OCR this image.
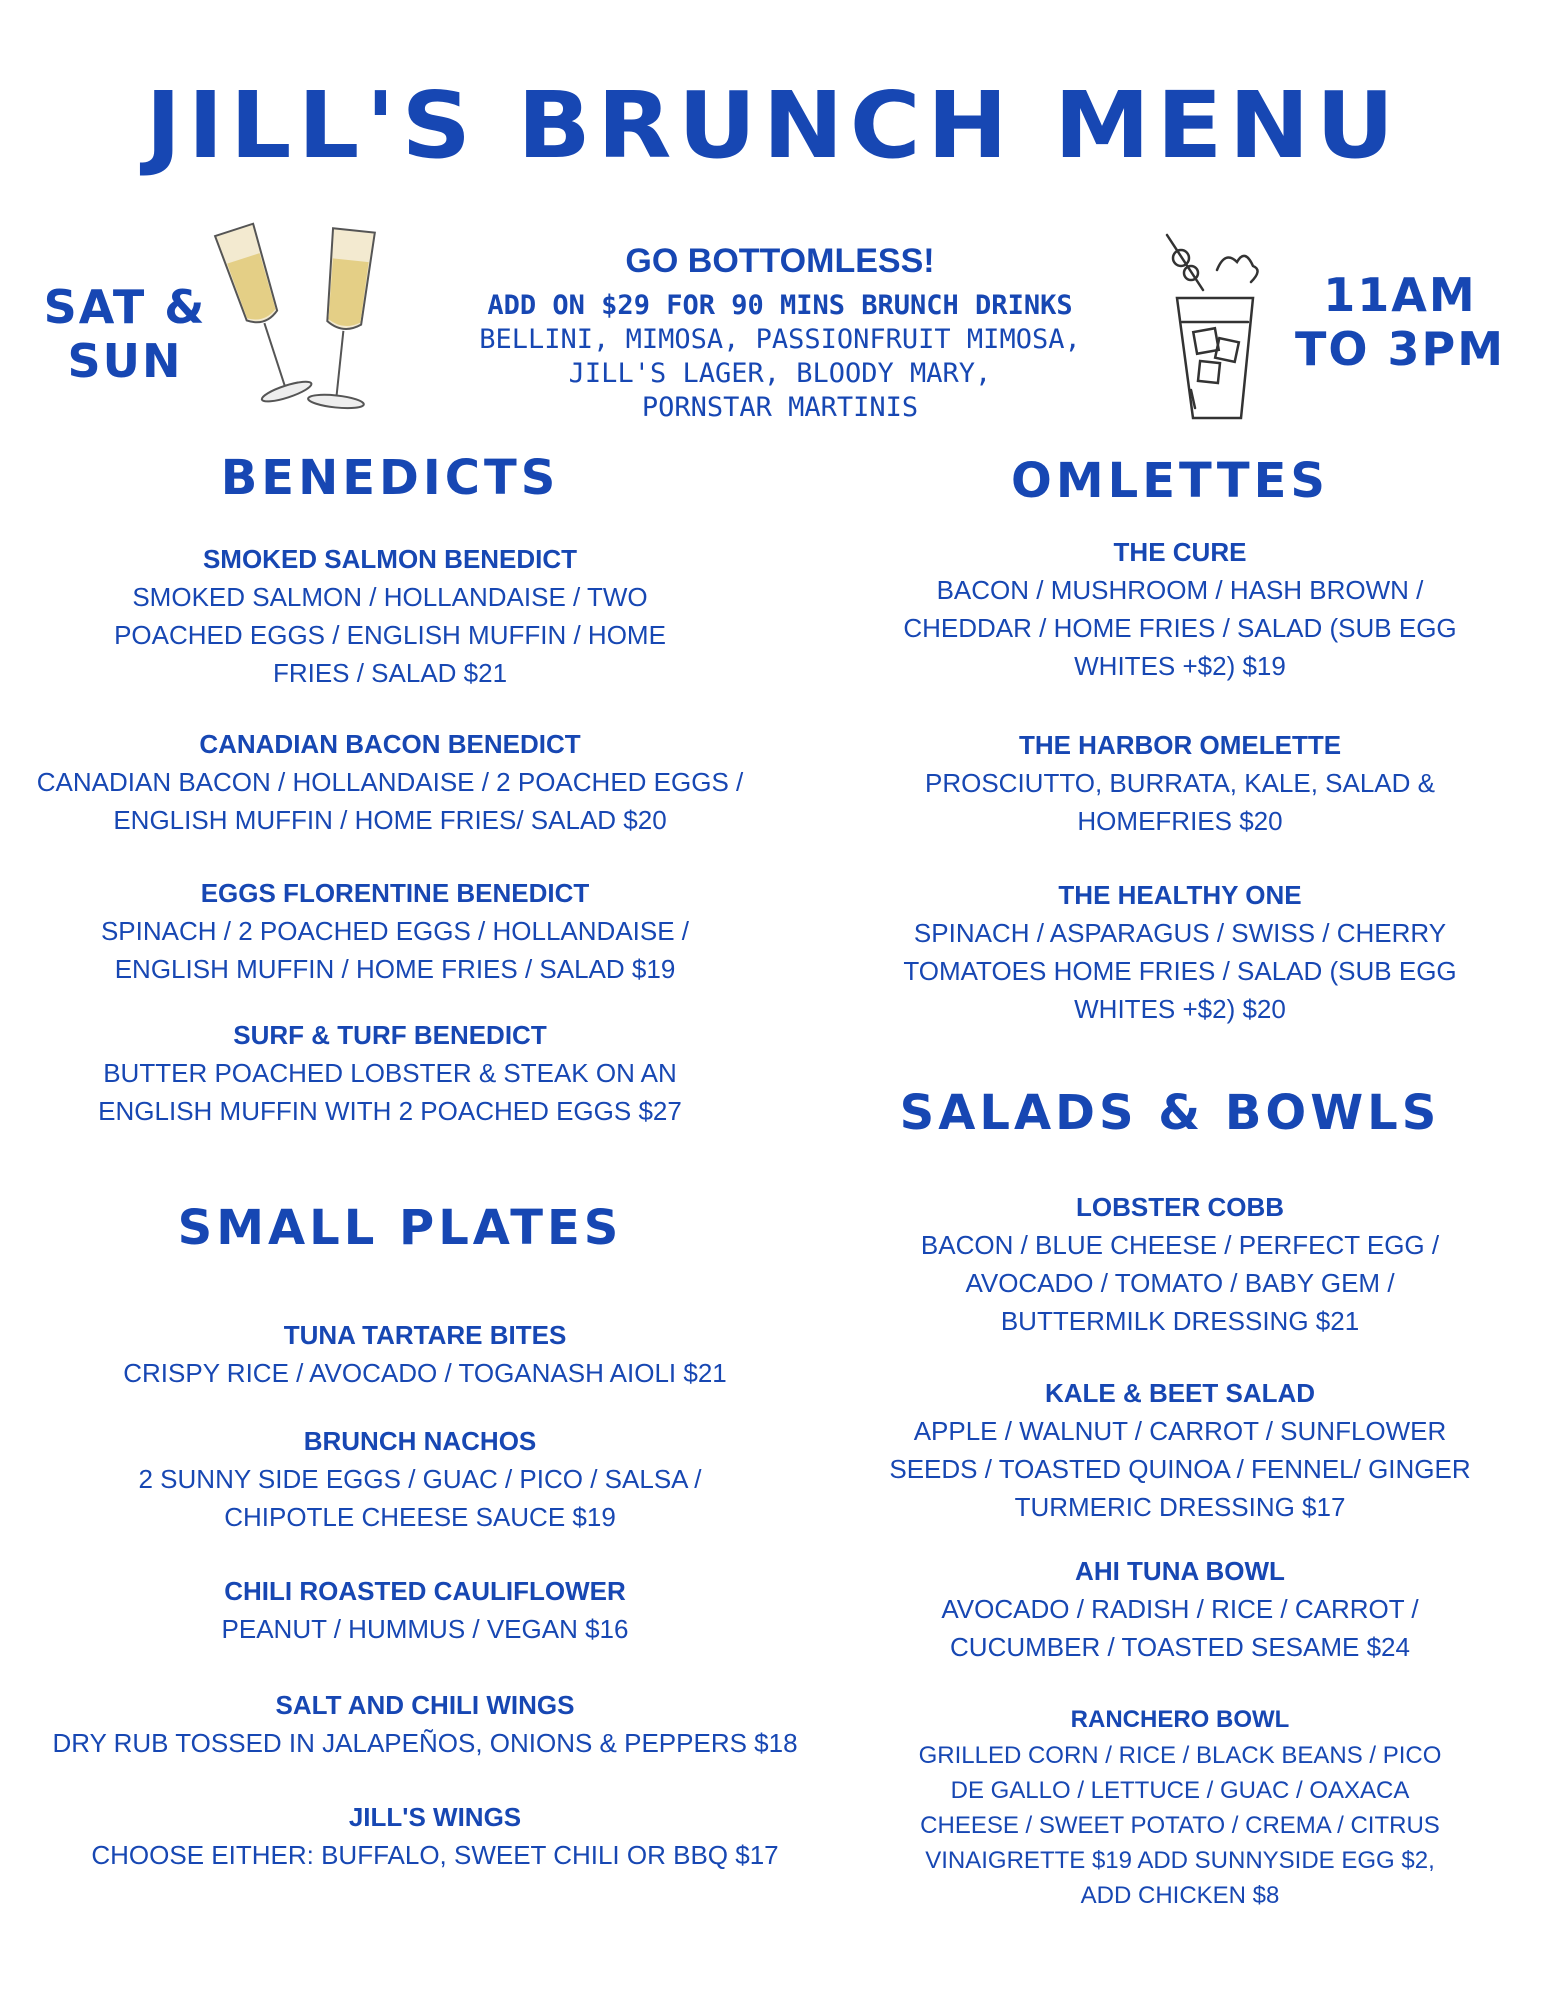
JILL'S BRUNCH MENU
SAT & SUN
GO BOTTOMLESS!
ADD ON $29 FOR 90 MINS BRUNCH DRINKS
BELLINI, MIMOSA, PASSIONFRUIT MIMOSA,
JILL'S LAGER, BLOODY MARY,
PORNSTAR MARTINIS
11AM TO 3PM
BENEDICTS
SMOKED SALMON BENEDICT
SMOKED SALMON / HOLLANDAISE / TWO POACHED EGGS / ENGLISH MUFFIN / HOME FRIES / SALAD $21
CANADIAN BACON BENEDICT
CANADIAN BACON / HOLLANDAISE / 2 POACHED EGGS / ENGLISH MUFFIN / HOME FRIES/ SALAD $20
EGGS FLORENTINE BENEDICT
SPINACH / 2 POACHED EGGS / HOLLANDAISE / ENGLISH MUFFIN / HOME FRIES / SALAD $19
SURF & TURF BENEDICT
BUTTER POACHED LOBSTER & STEAK ON AN ENGLISH MUFFIN WITH 2 POACHED EGGS $27
SMALL PLATES
TUNA TARTARE BITES
CRISPY RICE / AVOCADO / TOGANASH AIOLI $21
BRUNCH NACHOS
2 SUNNY SIDE EGGS / GUAC / PICO / SALSA / CHIPOTLE CHEESE SAUCE $19
CHILI ROASTED CAULIFLOWER
PEANUT / HUMMUS / VEGAN $16
SALT AND CHILI WINGS
DRY RUB TOSSED IN JALAPEÑOS, ONIONS & PEPPERS $18
JILL'S WINGS
CHOOSE EITHER: BUFFALO, SWEET CHILI OR BBQ $17
OMLETTES
THE CURE
BACON / MUSHROOM / HASH BROWN / CHEDDAR / HOME FRIES / SALAD (SUB EGG WHITES +$2) $19
THE HARBOR OMELETTE
PROSCIUTTO, BURRATA, KALE, SALAD & HOMEFRIES $20
THE HEALTHY ONE
SPINACH / ASPARAGUS / SWISS / CHERRY TOMATOES HOME FRIES / SALAD (SUB EGG WHITES +$2) $20
SALADS & BOWLS
LOBSTER COBB
BACON / BLUE CHEESE / PERFECT EGG / AVOCADO / TOMATO / BABY GEM / BUTTERMILK DRESSING $21
KALE & BEET SALAD
APPLE / WALNUT / CARROT / SUNFLOWER SEEDS / TOASTED QUINOA / FENNEL/ GINGER TURMERIC DRESSING $17
AHI TUNA BOWL
AVOCADO / RADISH / RICE / CARROT / CUCUMBER / TOASTED SESAME $24
RANCHERO BOWL
GRILLED CORN / RICE / BLACK BEANS / PICO DE GALLO / LETTUCE / GUAC / OAXACA CHEESE / SWEET POTATO / CREMA / CITRUS VINAIGRETTE $19 ADD SUNNYSIDE EGG $2, ADD CHICKEN $8
